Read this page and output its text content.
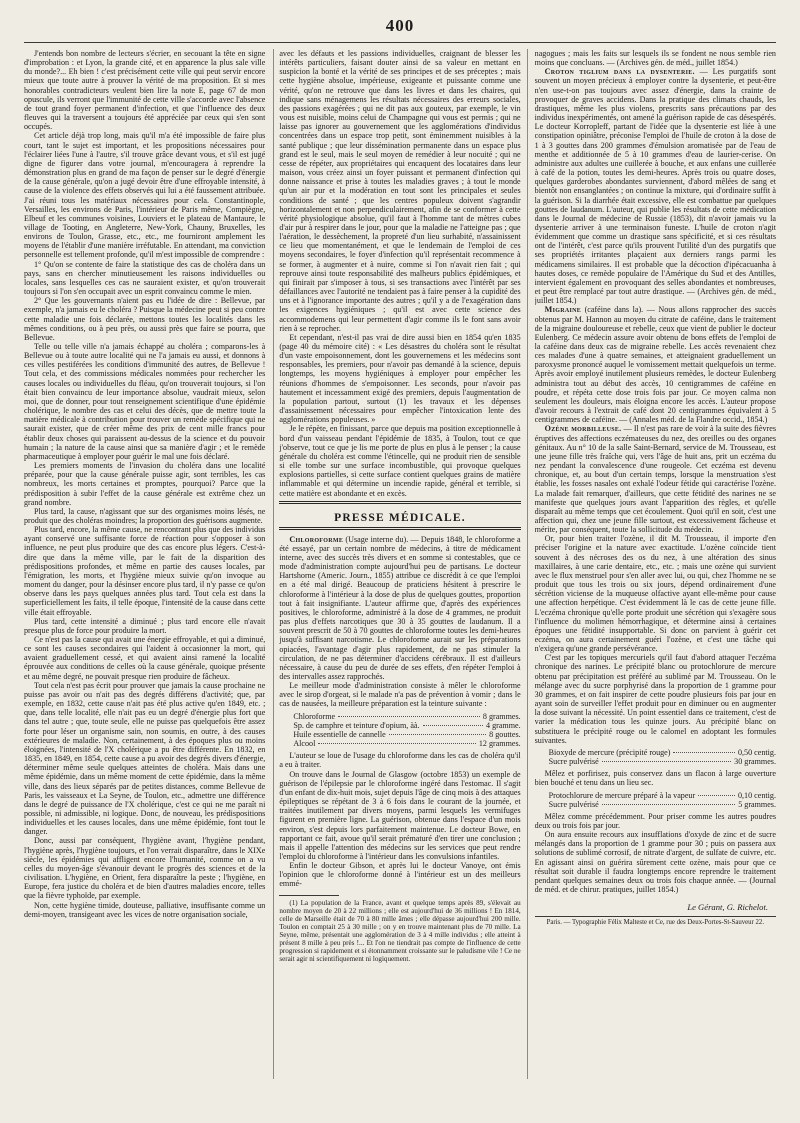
400

J'entends bon nombre de lecteurs s'écrier, en secouant la tête en signe d'improbation : et Lyon, la grande cité, et en apparence la plus sale ville du monde?... Eh bien ! c'est précisément cette ville qui peut servir encore mieux que toute autre à prouver la vérité de ma proposition. Et si mes honorables contradicteurs veulent bien lire la note E, page 67 de mon opuscule, ils verront que l'immunité de cette ville s'accorde avec l'absence de tout grand foyer permanent d'infection, et que l'influence des deux fleuves qui la traversent a toujours été appréciée par ceux qui s'en sont occupés.

Cet article déjà trop long, mais qu'il m'a été impossible de faire plus court, tant le sujet est important, et les propositions nécessaires pour l'éclairer liées l'une à l'autre, s'il trouve grâce devant vous, et s'il est jugé digne de figurer dans votre journal, m'encouragera à reprendre la démonstration plus en grand de ma façon de penser sur le degré d'énergie de la cause générale, qu'on a jugé devoir être d'une effroyable intensité, à cause de la violence des effets observés qui lui a été faussement attribuée. J'ai réuni tous les matériaux nécessaires pour cela. Constantinople, Versailles, les environs de Paris, l'intérieur de Paris même, Compiègne, Elbeuf et les communes voisines, Louviers et le plateau de Mantaure, le village de Tooting, en Angleterre, New-York, Chauny, Bruxelles, les environs de Toulon, Grasse, etc., etc., me fourniront amplement les moyens de l'établir d'une manière irréfutable. En attendant, ma conviction personnelle est tellement profonde, qu'il m'est impossible de comprendre :

1° Qu'on se contente de faire la statistique des cas de choléra dans un pays, sans en chercher minutieusement les raisons individuelles ou locales, sans lesquelles ces cas ne sauraient exister, et qu'on trouverait toujours si l'on s'en occupait avec un esprit convaincu comme le mien.

2° Que les gouvernants n'aient pas eu l'idée de dire : Bellevue, par exemple, n'a jamais eu le choléra ? Puisque la médecine peut si peu contre cette maladie une fois déclarée, mettons toutes les localités dans les mêmes conditions, ou à peu près, ou aussi près que faire se pourra, que Bellevue.

Telle ou telle ville n'a jamais échappé au choléra ; comparons-les à Bellevue ou à toute autre localité qui ne l'a jamais eu aussi, et donnons à ces villes pestiférées les conditions d'immunité des autres, de Bellevue ! Tout cela, et des commissions médicales nommées pour rechercher les causes locales ou individuelles du fléau, qu'on trouverait toujours, si l'on était bien convaincu de leur importance absolue, vaudrait mieux, selon moi, que de donner, pour tout renseignement scientifique d'une épidémie cholérique, le nombre des cas et celui des décès, que de mettre toute la matière médicale à contribution pour trouver un remède spécifique qui ne saurait exister, que de créer même des prix de cent mille francs pour établir deux choses qui paraissent au-dessus de la science et du pouvoir humain ; la nature de la cause ainsi que sa manière d'agir ; et le remède pharmaceutique à employer pour guérir le mal une fois déclaré.

Les premiers moments de l'invasion du choléra dans une localité préparée, pour que la cause générale puisse agir, sont terribles, les cas nombreux, les morts certaines et promptes, pourquoi? Parce que la prédisposition à subir l'effet de la cause générale est extrême chez un grand nombre.

Plus tard, la cause, n'agissant que sur des organismes moins lésés, ne produit que des choléras moindres; la proportion des guérisons augmente.

Plus tard, encore, la même cause, ne rencontrant plus que des individus ayant conservé une suffisante force de réaction pour s'opposer à son influence, ne peut plus produire que des cas encore plus légers. C'est-à-dire que dans la même ville, par le fait de la disparition des prédispositions profondes, et même en partie des causes locales, par l'émigration, les morts, et l'hygiène mieux suivie qu'on invoque au moment du danger, pour la désinser encore plus tard, il n'y passe ce qu'on observe dans les pays quelques années plus tard. Tout cela est dans la superficiellement les faits, il telle époque, l'intensité de la cause dans cette ville était effroyable.

Plus tard, cette intensité a diminué ; plus tard encore elle n'avait presque plus de force pour produire la mort.

Ce n'est pas la cause qui avait une énergie effroyable, et qui a diminué, ce sont les causes secondaires qui l'aident à occasionner la mort, qui avaient graduellement cessé, et qui avaient ainsi ramené la localité éprouvée aux conditions de celles où la cause générale, quoique présente et au même degré, ne pouvait presque rien produire de fâcheux.

Tout cela n'est pas écrit pour prouver que jamais la cause prochaine ne puisse pas avoir ou n'ait pas des degrés différens d'activité; que, par exemple, en 1832, cette cause n'ait pas été plus active qu'en 1849, etc. ; que, dans telle localité, elle n'ait pas eu un degré d'énergie plus fort que dans tel autre ; que, toute seule, elle ne puisse pas quelquefois être assez forte pour léser un organisme sain, non soumis, en outre, à des causes extérieures de maladie. Non, certainement, à des époques plus ou moins éloignées, l'intensité de l'X cholérique a pu être différente. En 1832, en 1835, en 1849, en 1854, cette cause a pu avoir des degrés divers d'énergie, déterminer même seule quelques atteintes de choléra. Mais dans une même épidémie, dans un même moment de cette épidémie, dans la même ville, dans des lieux séparés par de petites distances, comme Bellevue de Paris, les vaisseaux et La Seyne, de Toulon, etc., admettre une différence dans le degré de puissance de l'X cholérique, c'est ce qui ne me paraît ni possible, ni admissible, ni logique. Donc, de nouveau, les prédispositions individuelles et les causes locales, dans une même épidémie, font tout le danger.

Donc, aussi par conséquent, l'hygiène avant, l'hygiène pendant, l'hygiène après, l'hygiène toujours, et l'on verrait disparaître, dans le XIXe siècle, les épidémies qui affligent encore l'humanité, comme on a vu celles du moyen-âge s'évanouir devant le progrès des sciences et de la civilisation. L'hygiène, en Orient, fera disparaître la peste ; l'hygiène, en Europe, fera justice du choléra et de bien d'autres maladies encore, telles que la fièvre typhoïde, par exemple.

Non, cette hygiène timide, douteuse, palliative, insuffisante comme un demi-moyen, transigeant avec les vices de notre organisation sociale,

avec les défauts et les passions individuelles, craignant de blesser les intérêts particuliers, faisant douter ainsi de sa valeur en mettant en suspicion la bonté et la vérité de ses principes et de ses préceptes ; mais cette hygiène absolue, impérieuse, exigeante et puissante comme une vérité, qu'on ne retrouve que dans les livres et dans les chaires, qui indique sans ménagemens les résultats nécessaires des erreurs sociales, des passions exagérées ; qui ne dit pas aux gouteux, par exemple, le vin vous est nuisible, moins celui de Champagne qui vous est permis ; qui ne laisse pas ignorer au gouvernement que les agglomérations d'individus concentrées dans un espace trop petit, sont éminemment nuisibles à la santé publique ; que leur dissémination permanente dans un espace plus grand est le seul, mais le seul moyen de remédier à leur nocuité ; qui ne cesse de répéter, aux propriétaires qui encaquent des locataires dans leur maison, vous créez ainsi un foyer puissant et permanent d'infection qui donne naissance et prise à toutes les maladies graves ; à tout le monde qu'un air pur et la modération en tout sont les principales et seules conditions de santé ; que les centres populeux doivent s'agrandir horizontalement et non perpendiculairement, afin de se conformer à cette vérité physiologique absolue, qu'il faut à l'homme tant de mètres cubes d'air pur à respirer dans le jour, pour que la maladie ne l'atteigne pas ; que l'aération, le dessèchement, la propreté d'un lieu surhabité, n'assainissent ce lieu que momentanément, et que le lendemain de l'emploi de ces moyens secondaires, le foyer d'infection qu'il représentait recommence à se former, à augmenter et à nuire, comme si l'on n'avait rien fait ; qui reprouve ainsi toute responsabilité des malheurs publics épidémiques, et qui finirait par s'imposer à tous, si ses transactions avec l'intérêt par ses défaillances avec l'autorité ne tendaient pas à faire penser à la cupidité des uns et à l'ignorance importante des autres ; qu'il y a de l'exagération dans les exigences hygiéniques ; qu'il est avec cette science des accommodemens qui leur permettent d'agir comme ils le font sans avoir rien à se reprocher.

Et cependant, n'est-il pas vrai de dire aussi bien en 1854 qu'en 1835 (page 40 du mémoire cité) : « Les désastres du choléra sont le résultat d'un vaste empoisonnement, dont les gouvernemens et les médecins sont responsables, les premiers, pour n'avoir pas demandé à la science, depuis longtemps, les moyens hygiéniques à employer pour empêcher les réunions d'hommes de s'empoisonner. Les seconds, pour n'avoir pas hautement et incessamment exigé des premiers, depuis l'augmentation de la population partout, surtout (1) les travaux et les dépenses d'assainissement nécessaires pour empêcher l'intoxication lente des agglomérations populeuses. »

Je le répète, en finissant, parce que depuis ma position exceptionnelle à bord d'un vaisseau pendant l'épidémie de 1835, à Toulon, tout ce que j'observe, tout ce que je lis me porte de plus en plus à le penser ; la cause générale du choléra est comme l'étincelle, qui ne produit rien de sensible si elle tombe sur une surface incombustible, qui provoque quelques explosions partielles, si cette surface contient quelques grains de matière inflammable et qui détermine un incendie rapide, général et terrible, si cette matière est abondante et en excès.

PRESSE MÉDICALE.

Chloroforme (Usage interne du). — Depuis 1848, le chloroforme a été essayé, par un certain nombre de médecins, à titre de médicament interne, avec des succès très divers et en somme si contestables, que ce mode d'administration compte aujourd'hui peu de partisans. Le docteur Hartshorne (Americ. Journ., 1855) attribue ce discrédit à ce que l'emploi en a été mal dirigé. Beaucoup de praticiens hésitent à prescrire le chloroforme à l'intérieur à la dose de plus de quelques gouttes, proportion tout à fait insignifiante. L'auteur affirme que, d'après des expériences positives, le chloroforme, administré à la dose de 4 grammes, ne produit pas plus d'effets narcotiques que 30 à 35 gouttes de laudanum. Il a souvent prescrit de 50 à 70 gouttes de chloroforme toutes les demi-heures jusqu'à suffisant narcotisme. Le chloroforme aurait sur les préparations opiacées, l'avantage d'agir plus rapidement, de ne pas stimuler la circulation, de ne pas déterminer d'accidens cérébraux. Il est d'ailleurs nécessaire, à cause du peu de durée de ses effets, d'en répéter l'emploi à des intervalles assez rapprochés.

Le meilleur mode d'administration consiste à mêler le chloroforme avec le sirop d'orgeat, si le malade n'a pas de prévention à vomir ; dans le cas de nausées, la meilleure préparation est la teinture suivante :

Chloroforme	8 grammes.
Sp. de camphre et teinture d'opium, àà.	4 gramme.
Huile essentielle de cannelle	8 gouttes.
Alcool	12 grammes.

L'auteur se loue de l'usage du chloroforme dans les cas de choléra qu'il a eu à traiter.

On trouve dans le Journal de Glasgow (octobre 1853) un exemple de guérison de l'épilepsie par le chloroforme ingéré dans l'estomac. Il s'agit d'un enfant de dix-huit mois, sujet depuis l'âge de cinq mois à des attaques épileptiques se répétant de 3 à 6 fois dans le courant de la journée, et traitées inutilement par divers moyens, parmi lesquels les vermifuges figurent en première ligne. La guérison, obtenue dans l'espace d'un mois environ, s'est depuis lors parfaitement maintenue. Le docteur Bowe, en rapportant ce fait, avoue qu'il serait prématuré d'en tirer une conclusion ; mais il appelle l'attention des médecins sur les services que peut rendre l'emploi du chloroforme à l'intérieur dans les convulsions infantiles.

Enfin le docteur Gibson, et après lui le docteur Vanoye, ont émis l'opinion que le chloroforme donné à l'intérieur est un des meilleurs emmé-

(1) La population de la France, avant et quelque temps après 89, s'élevait au nombre moyen de 20 à 22 millions ; elle est aujourd'hui de 36 millions ! En 1814, celle de Marseille était de 70 à 80 mille âmes ; elle dépasse aujourd'hui 200 mille. Toulon en comptait 25 à 30 mille ; on y en trouve maintenant plus de 70 mille. La Seyne, même, présentait une agglomération de 3 à 4 mille individus ; elle atteint à présent 8 mille à peu près !... Et l'on ne tiendrait pas compte de l'influence de cette progression si rapidement et si étonnamment croissante sur le paludisme vile ! Ce ne serait agir ni scientifiquement ni logiquement.

nagogues ; mais les faits sur lesquels ils se fondent ne nous semble rien moins que concluans. — (Archives gén. de méd., juillet 1854.)

Croton tiglium dans la dysenterie. — Les purgatifs sont souvent un moyen précieux à employer contre la dysenterie, et peut-être n'en use-t-on pas toujours avec assez d'énergie, dans la crainte de provoquer de graves accidens. Dans la pratique des climats chauds, les drastiques, même les plus violens, prescrits sans précautions par des individus inexpérimentés, ont amené la guérison rapide de cas désespérés. Le docteur Korropleff, partant de l'idée que la dysenterie est liée à une constipation opiniâtre, préconise l'emploi de l'huile de croton à la dose de 1 à 3 gouttes dans 200 grammes d'émulsion aromatisée par de l'eau de menthe et additionnée de 5 à 10 grammes d'eau de laurier-cerise. On administre aux adultes une cuillerée à bouche, et aux enfans une cuillerée à café de la potion, toutes les demi-heures. Après trois ou quatre doses, quelques garderobes abondantes surviennent, d'abord mêlées de sang et bientôt non ensanglantées ; on continue la mixture, qui d'ordinaire suffit à la guérison. Si la diarrhée était excessive, elle est combattue par quelques gouttes de laudanum. L'auteur, qui publie les résultats de cette médication dans le Journal de médecine de Russie (1853), dit n'avoir jamais vu la dysenterie arriver à une terminaison funeste. L'huile de croton n'agit évidemment que comme un drastique sans spécificité, et si ces résultats ont de l'intérêt, c'est parce qu'ils prouvent l'utilité d'un des purgatifs que ses propriétés irritantes plaçaient aux derniers rangs parmi les médicamens similaires. Il est probable que la décoction d'ipécacuanha à hautes doses, ce remède populaire de l'Amérique du Sud et des Antilles, intervient également en provoquant des selles abondantes et nombreuses, et peut être remplacé par tout autre drastique. — (Archives gén. de méd., juillet 1854.)

Migraine (caféine dans la). — Nous allons rapprocher des succès obtenus par M. Hannon au moyen du citrate de caféine, dans le traitement de la migraine douloureuse et rebelle, ceux que vient de publier le docteur Eulenberg. Ce médecin assure avoir obtenu de bons effets de l'emploi de la caféine dans deux cas de migraine rebelle. Les accès revenaient chez ces malades d'une à quatre semaines, et atteignaient graduellement un paroxysme prononcé auquel le vomissement mettait quelquefois un terme. Après avoir employé inutilement plusieurs remèdes, le docteur Eulenberg administra tout au début des accès, 10 centigrammes de caféine en poudre, et répéta cette dose trois fois par jour. Ce moyen calma non seulement les douleurs, mais éloigna encore les accès. L'auteur propose d'avoir recours à l'extrait de café dont 20 centigrammes équivalent à 5 centigrammes de caféine. — (Annales méd. de la Flandre occid., 1854.)

Ozène morbilleuse. — Il n'est pas rare de voir à la suite des fièvres éruptives des affections eczémateuses du nez, des oreilles ou des organes génitaux. Au n° 10 de la salle Saint-Bernard, service de M. Trousseau, est une jeune fille très fraîche qui, vers l'âge de huit ans, prit un eczéma du nez pendant la convalescence d'une rougeole. Cet eczéma est devenu chronique, et, au bout d'un certain temps, lorsque la menstruation s'est établie, les fosses nasales ont exhalé l'odeur fétide qui caractérise l'ozène. La malade fait remarquer, d'ailleurs, que cette fétidité des narines ne se manifeste que quelques jours avant l'apparition des règles, et qu'elle disparaît au même temps que cet écoulement. Quoi qu'il en soit, c'est une affection qui, chez une jeune fille surtout, est excessivement fâcheuse et mérite, par conséquent, toute la sollicitude du médecin.

Or, pour bien traiter l'ozène, il dit M. Trousseau, il importe d'en préciser l'origine et la nature avec exactitude. L'ozène coïncide tient souvent à des nécroses des os du nez, à une altération des sinus maxillaires, à une carie dentaire, etc., etc. ; mais une ozène qui survient avec le flux menstruel pour s'en aller avec lui, ou qui, chez l'homme ne se produit que tous les trois ou six jours, dépend ordinairement d'une sécrétion viciense de la muqueuse olfactive ayant elle-même pour cause une affection herpétique. C'est évidemment là le cas de cette jeune fille. L'eczéma chronique qu'elle porte produit une sécrétion qui s'exagère sous l'influence du molimen hémorrhagique, et détermine ainsi à certaines époques une fétidité insupportable. Si donc on parvient à guérir cet eczéma, on aura certainement guéri l'ozène, et c'est une tâche qui n'exigera qu'une grande persévérance.

C'est par les topiques mercuriels qu'il faut d'abord attaquer l'eczéma chronique des narines. Le précipité blanc ou protochlorure de mercure obtenu par précipitation est préféré au sublimé par M. Trousseau. On le mélange avec du sucre porphyrisé dans la proportion de 1 gramme pour 30 grammes, et on fait inspirer de cette poudre plusieurs fois par jour en ayant soin de surveiller l'effet produit pour en diminuer ou en augmenter la dose suivant la nécessité. Un point essentiel dans ce traitement, c'est de varier la médication tous les quinze jours. Au précipité blanc on substituera le précipité rouge ou le calomel en adoptant les formules suivantes.

Bioxyde de mercure (précipité rouge)	0,50 centig.
Sucre pulvérisé	30 grammes.

Mêlez et porfirisez, puis conservez dans un flacon à large ouverture bien bouché et tenu dans un lieu sec.

Protochlorure de mercure préparé à la vapeur	0,10 centig.
Sucre pulvérisé	5 grammes.

Mêlez comme précédemment. Pour priser comme les autres poudres deux ou trois fois par jour.

On aura ensuite recours aux insufflations d'oxyde de zinc et de sucre mélangés dans la proportion de 1 gramme pour 30 ; puis on passera aux solutions de sublimé corrosif, de nitrate d'argent, de sulfate de cuivre, etc. En agissant ainsi on guérira sûrement cette ozène, mais pour que ce résultat soit durable il faudra longtemps encore reprendre le traitement pendant quelques semaines deux ou trois fois chaque année. — (Journal de méd. et de chirur. pratiques, juillet 1854.)

Le Gérant, G. Richelot.
Paris. — Typographie Félix Malteste et Ce, rue des Deux-Portes-St-Sauveur 22.
